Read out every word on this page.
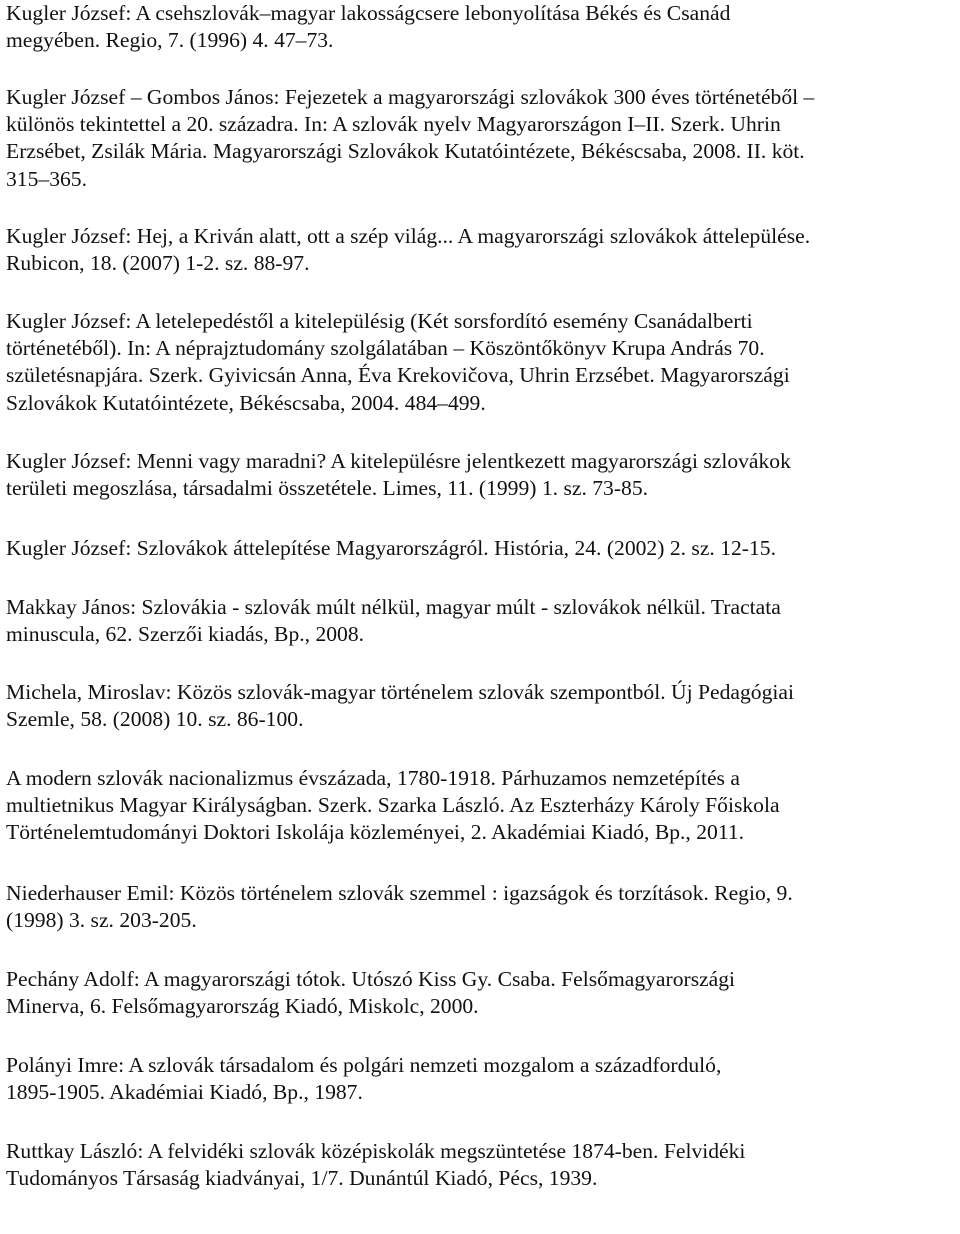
Kugler József: A csehszlovák–magyar lakosságcsere lebonyolítása Békés és Csanád
megyében. Regio, 7. (1996) 4. 47–73.

Kugler József – Gombos János: Fejezetek a magyarországi szlovákok 300 éves történetéből –
különös tekintettel a 20. századra. In: A szlovák nyelv Magyarországon I–II. Szerk. Uhrin
Erzsébet, Zsilák Mária. Magyarországi Szlovákok Kutatóintézete, Békéscsaba, 2008. II. köt.
315–365.

Kugler József: Hej, a Kriván alatt, ott a szép világ... A magyarországi szlovákok áttelepülése.
Rubicon, 18. (2007) 1-2. sz. 88-97.

Kugler József: A letelepedéstől a kitelepülésig (Két sorsfordító esemény Csanádalberti
történetéből). In: A néprajztudomány szolgálatában – Köszöntőkönyv Krupa András 70.
születésnapjára. Szerk. Gyivicsán Anna, Éva Krekovičova, Uhrin Erzsébet. Magyarországi
Szlovákok Kutatóintézete, Békéscsaba, 2004. 484–499.

Kugler József: Menni vagy maradni? A kitelepülésre jelentkezett magyarországi szlovákok
területi megoszlása, társadalmi összetétele. Limes, 11. (1999) 1. sz. 73-85.

Kugler József: Szlovákok áttelepítése Magyarországról. História, 24. (2002) 2. sz. 12-15.

Makkay János: Szlovákia - szlovák múlt nélkül, magyar múlt - szlovákok nélkül. Tractata
minuscula, 62. Szerzői kiadás, Bp., 2008.

Michela, Miroslav: Közös szlovák-magyar történelem szlovák szempontból. Új Pedagógiai
Szemle, 58. (2008) 10. sz. 86-100.

A modern szlovák nacionalizmus évszázada, 1780-1918. Párhuzamos nemzetépítés a
multietnikus Magyar Királyságban. Szerk. Szarka László. Az Eszterházy Károly Főiskola
Történelemtudományi Doktori Iskolája közleményei, 2. Akadémiai Kiadó, Bp., 2011.

Niederhauser Emil: Közös történelem szlovák szemmel : igazságok és torzítások. Regio, 9.
(1998) 3. sz. 203-205.

Pechány Adolf: A magyarországi tótok. Utószó Kiss Gy. Csaba. Felsőmagyarországi
Minerva, 6. Felsőmagyarország Kiadó, Miskolc, 2000.

Polányi Imre: A szlovák társadalom és polgári nemzeti mozgalom a századforduló,
1895-1905. Akadémiai Kiadó, Bp., 1987.

Ruttkay László: A felvidéki szlovák középiskolák megszüntetése 1874-ben. Felvidéki
Tudományos Társaság kiadványai, 1/7. Dunántúl Kiadó, Pécs, 1939.
